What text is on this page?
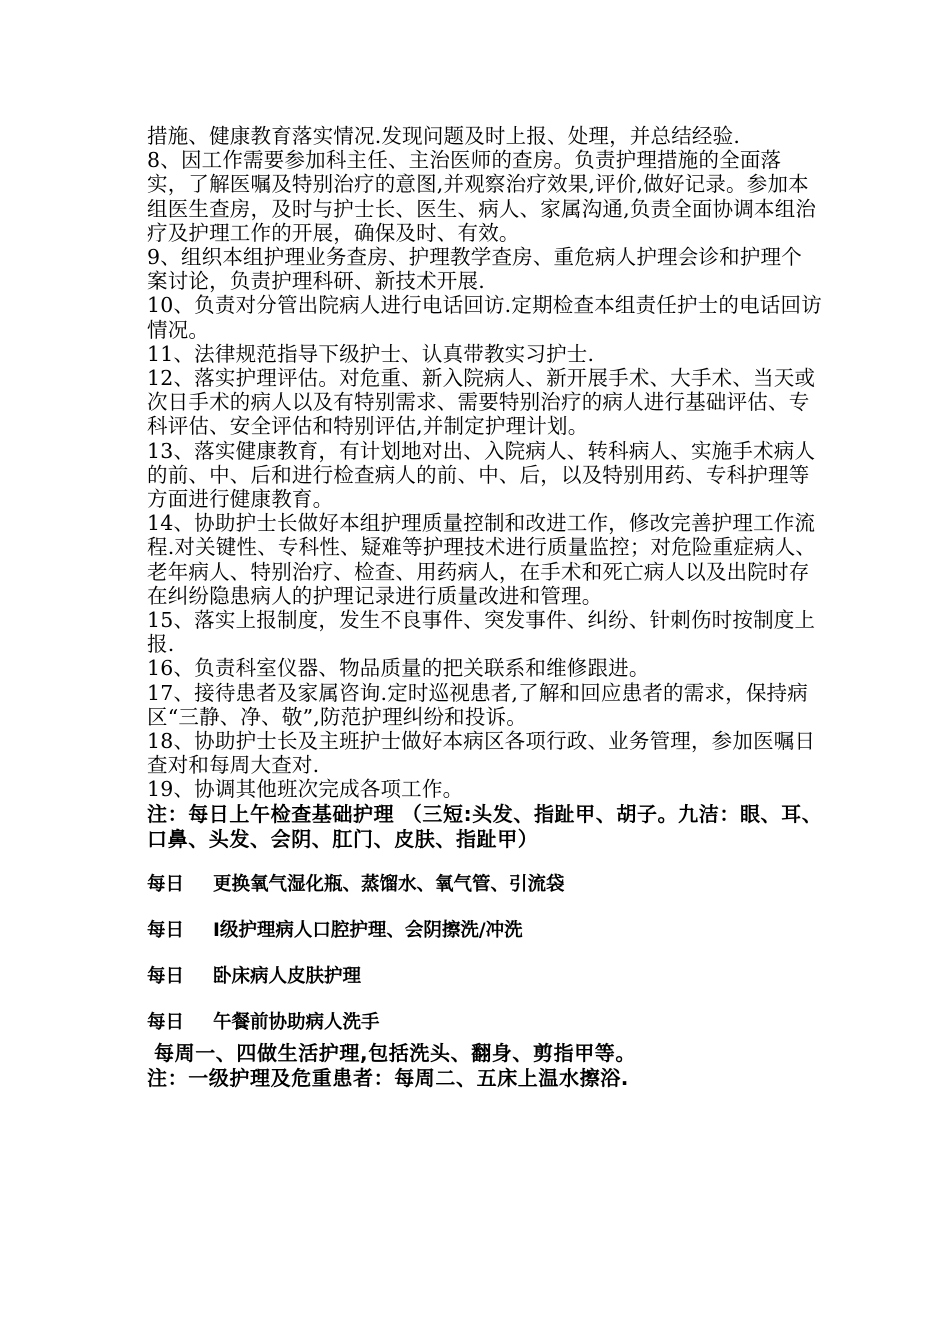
措施、健康教育落实情况.发现问题及时上报、处理，并总结经验.

8、因工作需要参加科主任、主治医师的查房。负责护理措施的全面落实，了解医嘱及特别治疗的意图,并观察治疗效果,评价,做好记录。参加本组医生查房，及时与护士长、医生、病人、家属沟通,负责全面协调本组治疗及护理工作的开展，确保及时、有效。

9、组织本组护理业务查房、护理教学查房、重危病人护理会诊和护理个案讨论，负责护理科研、新技术开展.

10、负责对分管出院病人进行电话回访.定期检查本组责任护士的电话回访情况。

11、法律规范指导下级护士、认真带教实习护士.

12、落实护理评估。对危重、新入院病人、新开展手术、大手术、当天或次日手术的病人以及有特别需求、需要特别治疗的病人进行基础评估、专科评估、安全评估和特别评估,并制定护理计划。

13、落实健康教育，有计划地对出、入院病人、转科病人、实施手术病人的前、中、后和进行检查病人的前、中、后，以及特别用药、专科护理等方面进行健康教育。

14、协助护士长做好本组护理质量控制和改进工作，修改完善护理工作流程.对关键性、专科性、疑难等护理技术进行质量监控；对危险重症病人、老年病人、特别治疗、检查、用药病人，在手术和死亡病人以及出院时存在纠纷隐患病人的护理记录进行质量改进和管理。

15、落实上报制度，发生不良事件、突发事件、纠纷、针刺伤时按制度上报.

16、负责科室仪器、物品质量的把关联系和维修跟进。

17、接待患者及家属咨询.定时巡视患者,了解和回应患者的需求，保持病区“三静、净、敬”,防范护理纠纷和投诉。

18、协助护士长及主班护士做好本病区各项行政、业务管理，参加医嘱日查对和每周大查对.

19、协调其他班次完成各项工作。

注：每日上午检查基础护理 （三短:头发、指趾甲、胡子。九洁：眼、耳、口鼻、头发、会阴、肛门、皮肤、指趾甲）

每日 更换氧气湿化瓶、蒸馏水、氧气管、引流袋

每日 Ⅰ级护理病人口腔护理、会阴擦洗/冲洗

每日 卧床病人皮肤护理

每日 午餐前协助病人洗手

每周一、四做生活护理,包括洗头、翻身、剪指甲等。

注：一级护理及危重患者：每周二、五床上温水擦浴.
